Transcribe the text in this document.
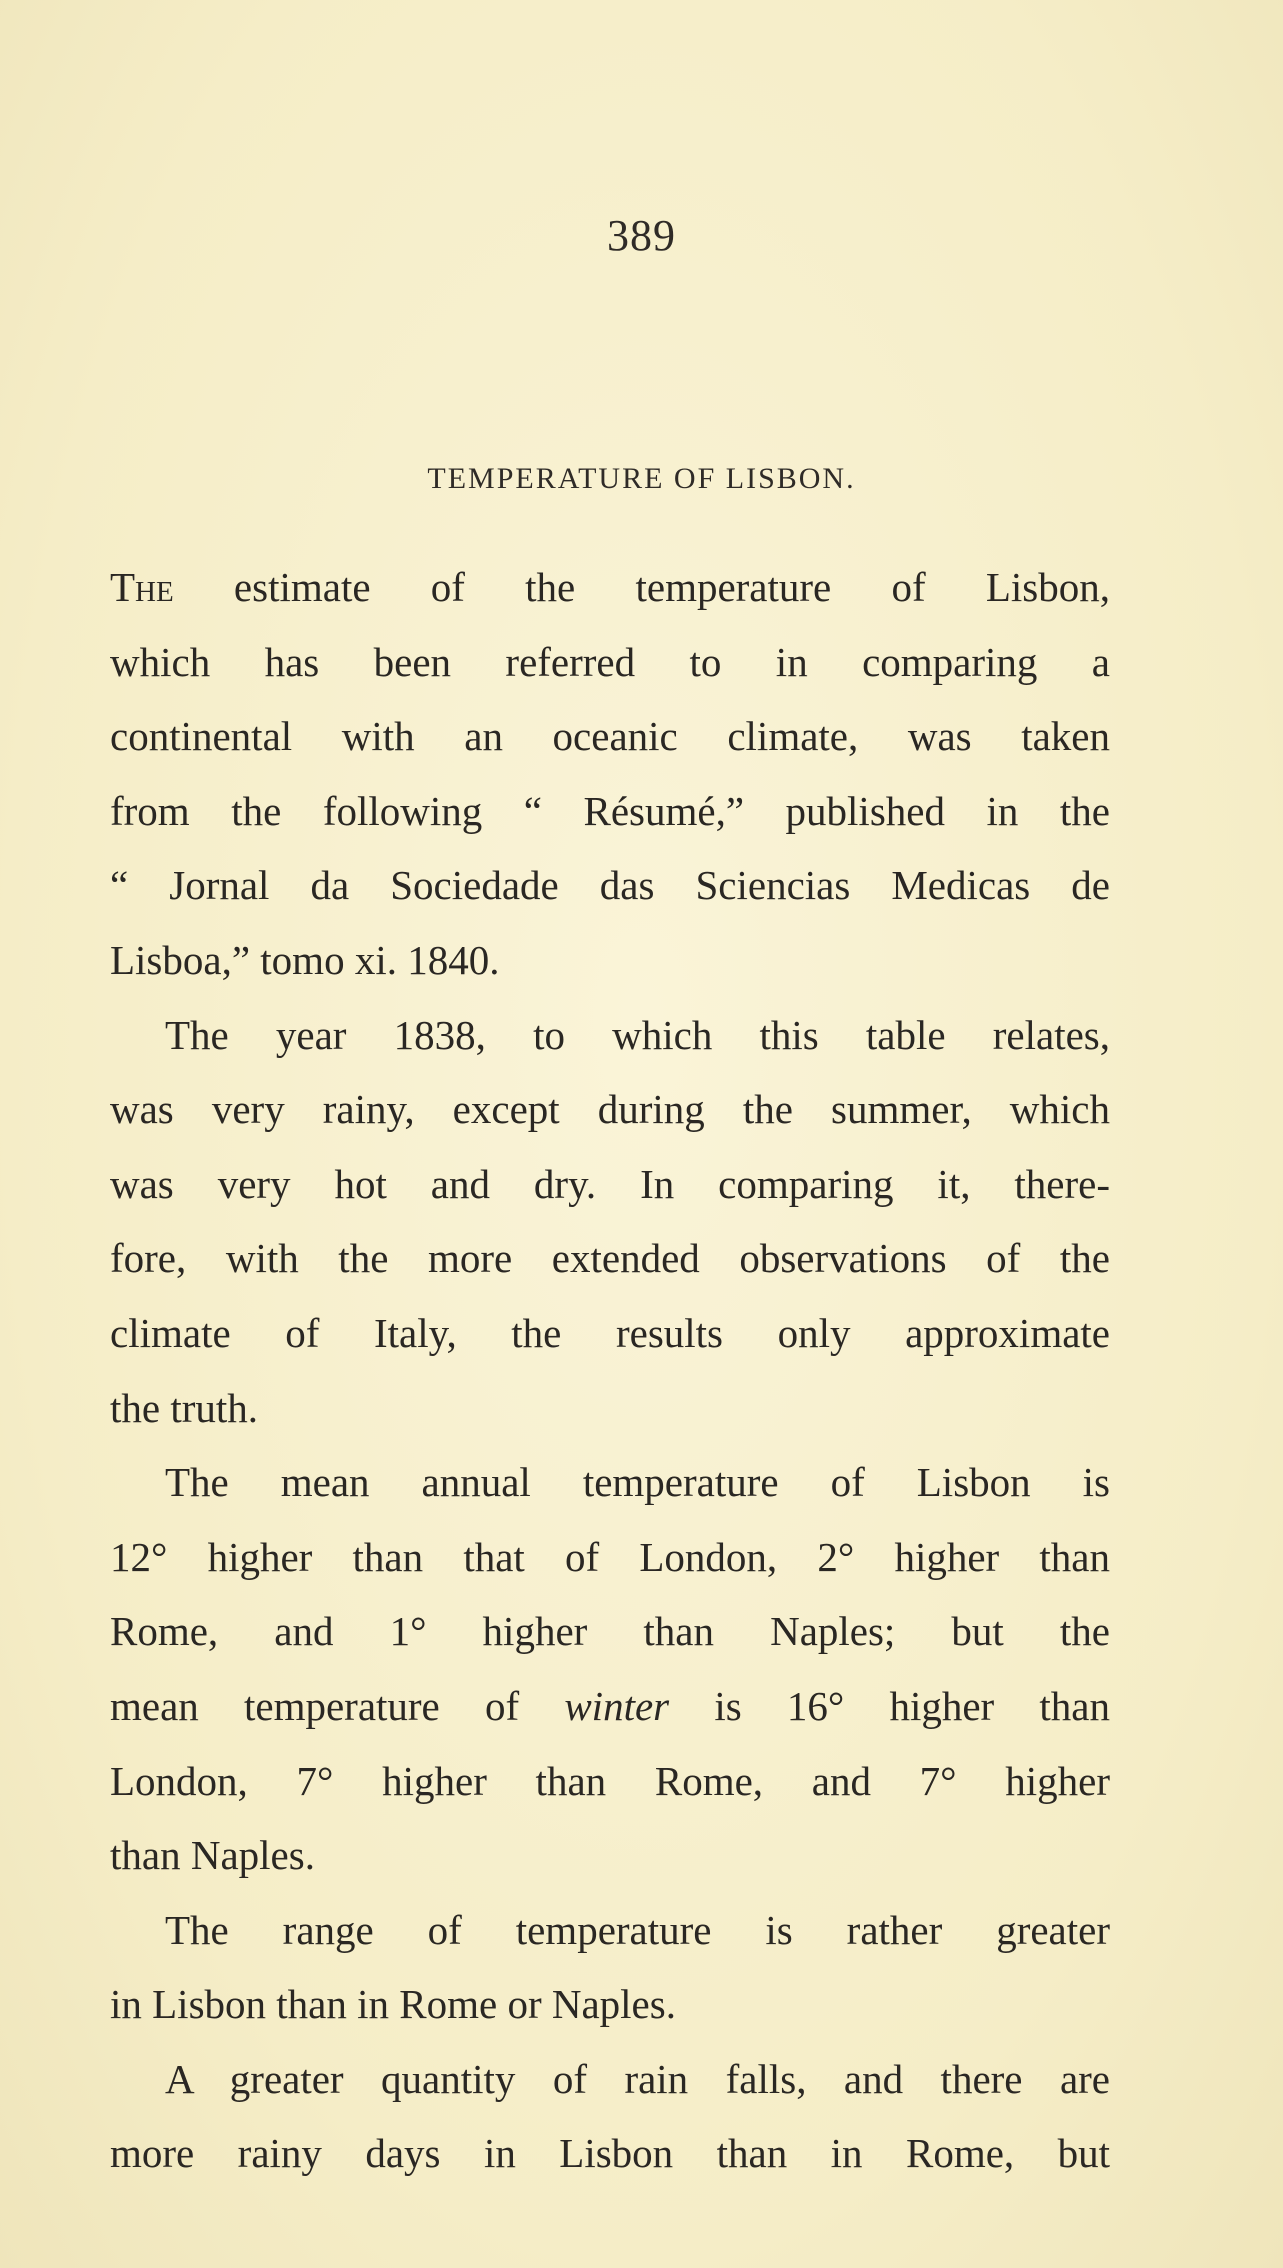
389
TEMPERATURE OF LISBON.
The estimate of the temperature of Lisbon,
which has been referred to in comparing a
continental with an oceanic climate, was taken
from the following “ Résumé,” published in the
“ Jornal da Sociedade das Sciencias Medicas de
Lisboa,” tomo xi. 1840.
The year 1838, to which this table relates,
was very rainy, except during the summer, which
was very hot and dry. In comparing it, there-
fore, with the more extended observations of the
climate of Italy, the results only approximate
the truth.
The mean annual temperature of Lisbon is
12° higher than that of London, 2° higher than
Rome, and 1° higher than Naples; but the
mean temperature of winter is 16° higher than
London, 7° higher than Rome, and 7° higher
than Naples.
The range of temperature is rather greater
in Lisbon than in Rome or Naples.
A greater quantity of rain falls, and there are
more rainy days in Lisbon than in Rome, but
